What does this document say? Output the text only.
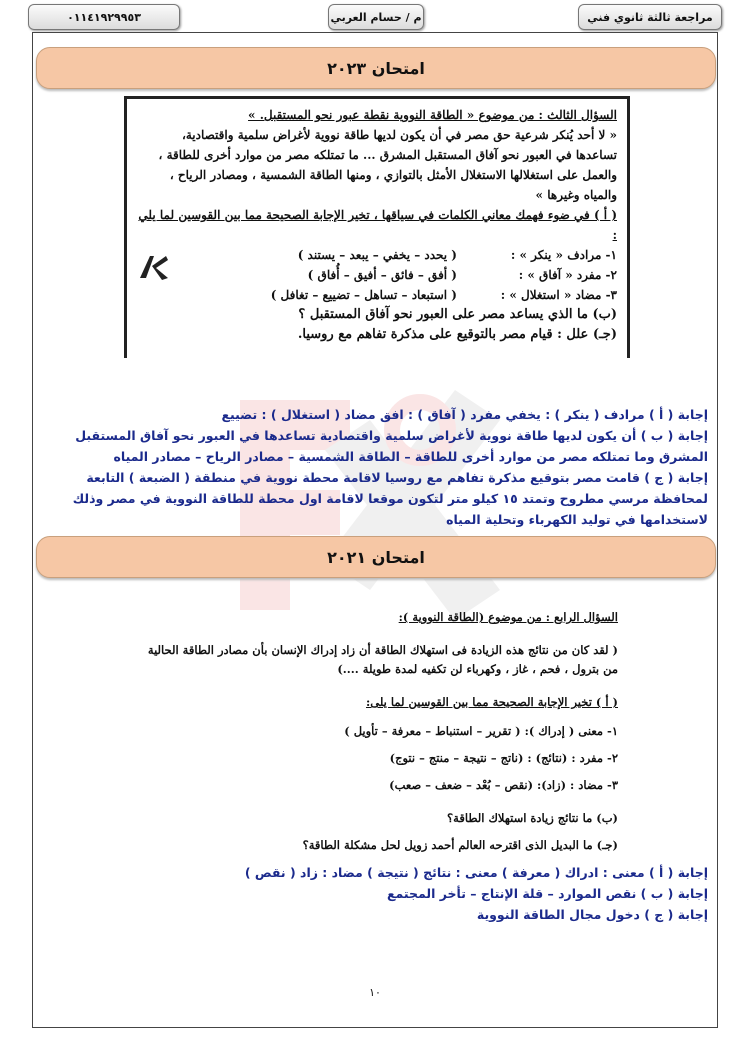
٠١١٤١٩٢٩٩٥٣	م / حسام العربي	مراجعة ثالثة ثانوي فني
امتحان ٢٠٢٣
السؤال الثالث : من موضوع « الطاقة النووية نقطة عبور نحو المستقبل. »
« لا أحد يُنكر شرعية حق مصر في أن يكون لديها طاقة نووية لأغراض سلمية واقتصادية، تساعدها في العبور نحو آفاق المستقبل المشرق ... ما تمتلكه مصر من موارد أخرى للطاقة ، والعمل على استغلالها الاستغلال الأمثل بالتوازي ، ومنها الطاقة الشمسية ، ومصادر الرياح ، والمياه وغيرها »
( أ ) في ضوء فهمك معاني الكلمات في سياقها ، تخير الإجابة الصحيحة مما بين القوسين لما يلي :
١- مرادف « ينكر » :
( يحدد – يخفي – يبعد – يستند )
٢- مفرد « آفاق » :
( أفق – فائق – أفيق – أُفاق )
٣- مضاد « استغلال » :
( استبعاد – تساهل – تضييع – تغافل )
(ب) ما الذي يساعد مصر على العبور نحو آفاق المستقبل ؟
(جـ) علل : قيام مصر بالتوقيع على مذكرة تفاهم مع روسيا.

إجابة ( أ ) مرادف ( ينكر ) : يخفي مفرد ( آفاق ) : افق مضاد ( استغلال ) : تضييع

إجابة ( ب ) أن يكون لديها طاقة نووية لأغراض سلمية واقتصادية تساعدها في العبور نحو آفاق المستقبل المشرق وما تمتلكه مصر من موارد أخرى للطاقة – الطاقة الشمسية – مصادر الرياح – مصادر المياه

إجابة ( ج ) قامت مصر بتوقيع مذكرة تفاهم مع روسيا لاقامة محطة نووية في منطقة ( الضبعة ) التابعة لمحافظة مرسي مطروح وتمتد ١٥ كيلو متر لتكون موقعا لاقامة اول محطة للطاقة النووية في مصر وذلك لاستخدامها في توليد الكهرباء وتحلية المياه

امتحان ٢٠٢١
السؤال الرابع : من موضوع (الطاقة النووية ):
( لقد كان من نتائج هذه الزيادة فى استهلاك الطاقة أن زاد إدراك الإنسان بأن مصادر الطاقة الحالية من بترول ، فحم ، غاز ، وكهرباء لن تكفيه لمدة طويلة ....)
( أ ) تخير الإجابة الصحيحة مما بين القوسين لما يلى:
١- معنى ( إدراك ): ( تقرير – استنباط – معرفة – تأويل )
٢- مفرد : (نتائج) : (ناتج – نتيجة – منتج – نتوج)
٣- مضاد : (زاد): (نقص – بُعْد – ضعف – صعب)
(ب) ما نتائج زيادة استهلاك الطاقة؟
(جـ) ما البديل الذى اقترحه العالم أحمد زويل لحل مشكلة الطاقة؟

إجابة ( أ ) معنى : ادراك ( معرفة ) معنى : نتائج ( نتيجة ) مضاد : زاد ( نقص )

إجابة ( ب ) نقص الموارد – قلة الإنتاج – تأخر المجتمع

إجابة ( ج ) دخول مجال الطاقة النووية

١٠
